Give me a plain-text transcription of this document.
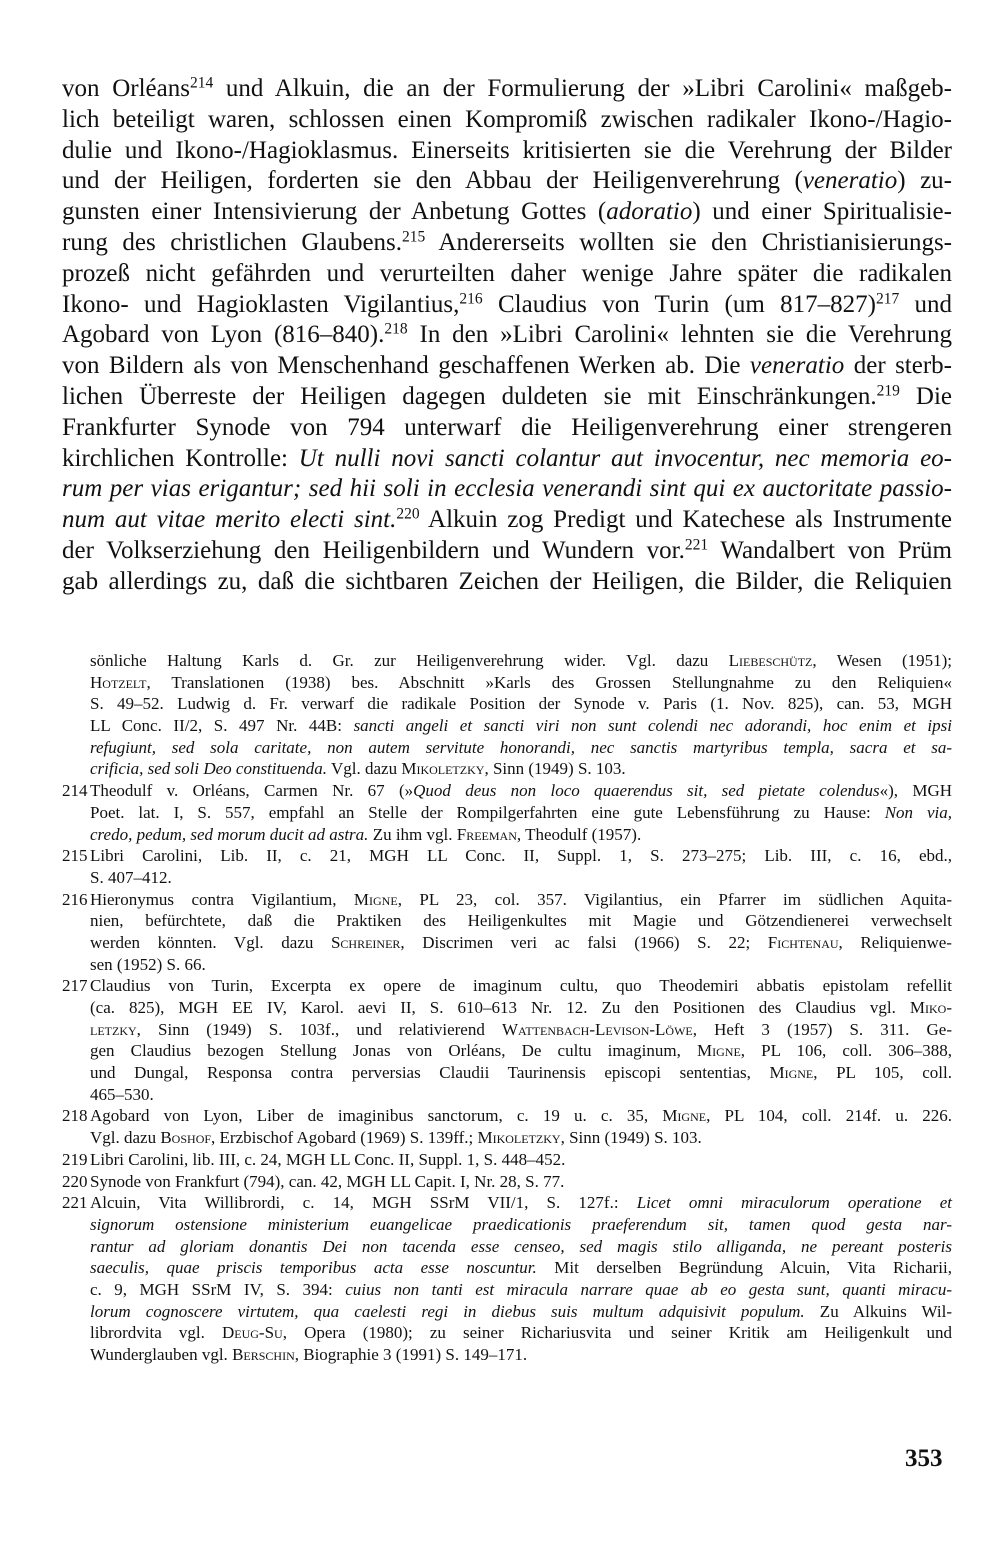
von Orléans$^{214}$ und Alkuin, die an der Formulierung der »Libri Carolini« maßgeb-
lich beteiligt waren, schlossen einen Kompromiß zwischen radikaler Ikono-/Hagio-
dulie und Ikono-/Hagioklasmus. Einerseits kritisierten sie die Verehrung der Bilder
und der Heiligen, forderten sie den Abbau der Heiligenverehrung (veneratio) zu-
gunsten einer Intensivierung der Anbetung Gottes (adoratio) und einer Spiritualisie-
rung des christlichen Glaubens.$^{215}$ Andererseits wollten sie den Christianisierungs-
prozeß nicht gefährden und verurteilten daher wenige Jahre später die radikalen
Ikono- und Hagioklasten Vigilantius,$^{216}$ Claudius von Turin (um 817–827)$^{217}$ und
Agobard von Lyon (816–840).$^{218}$ In den »Libri Carolini« lehnten sie die Verehrung
von Bildern als von Menschenhand geschaffenen Werken ab. Die veneratio der sterb-
lichen Überreste der Heiligen dagegen duldeten sie mit Einschränkungen.$^{219}$ Die
Frankfurter Synode von 794 unterwarf die Heiligenverehrung einer strengeren
kirchlichen Kontrolle: Ut nulli novi sancti colantur aut invocentur, nec memoria eo-
rum per vias erigantur; sed hii soli in ecclesia venerandi sint qui ex auctoritate passio-
num aut vitae merito electi sint.$^{220}$ Alkuin zog Predigt und Katechese als Instrumente
der Volkserziehung den Heiligenbildern und Wundern vor.$^{221}$ Wandalbert von Prüm
gab allerdings zu, daß die sichtbaren Zeichen der Heiligen, die Bilder, die Reliquien
sönliche Haltung Karls d. Gr. zur Heiligenverehrung wider. Vgl. dazu Liebeschütz, Wesen (1951);
Hotzelt, Translationen (1938) bes. Abschnitt »Karls des Grossen Stellungnahme zu den Reliquien«
S. 49–52. Ludwig d. Fr. verwarf die radikale Position der Synode v. Paris (1. Nov. 825), can. 53, MGH
LL Conc. II/2, S. 497 Nr. 44B: sancti angeli et sancti viri non sunt colendi nec adorandi, hoc enim et ipsi
refugiunt, sed sola caritate, non autem servitute honorandi, nec sanctis martyribus templa, sacra et sa-
crificia, sed soli Deo constituenda. Vgl. dazu Mikoletzky, Sinn (1949) S. 103.
214 Theodulf v. Orléans, Carmen Nr. 67 (»Quod deus non loco quaerendus sit, sed pietate colendus«), MGH
Poet. lat. I, S. 557, empfahl an Stelle der Rompilgerfahrten eine gute Lebensführung zu Hause: Non via,
credo, pedum, sed morum ducit ad astra. Zu ihm vgl. Freeman, Theodulf (1957).
215 Libri Carolini, Lib. II, c. 21, MGH LL Conc. II, Suppl. 1, S. 273–275; Lib. III, c. 16, ebd.,
S. 407–412.
216 Hieronymus contra Vigilantium, Migne, PL 23, col. 357. Vigilantius, ein Pfarrer im südlichen Aquita-
nien, befürchtete, daß die Praktiken des Heiligenkultes mit Magie und Götzendienerei verwechselt
werden könnten. Vgl. dazu Schreiner, Discrimen veri ac falsi (1966) S. 22; Fichtenau, Reliquienwe-
sen (1952) S. 66.
217 Claudius von Turin, Excerpta ex opere de imaginum cultu, quo Theodemiri abbatis epistolam refellit
(ca. 825), MGH EE IV, Karol. aevi II, S. 610–613 Nr. 12. Zu den Positionen des Claudius vgl. Miko-
letzky, Sinn (1949) S. 103f., und relativierend Wattenbach-Levison-Löwe, Heft 3 (1957) S. 311. Ge-
gen Claudius bezogen Stellung Jonas von Orléans, De cultu imaginum, Migne, PL 106, coll. 306–388,
und Dungal, Responsa contra perversias Claudii Taurinensis episcopi sententias, Migne, PL 105, coll.
465–530.
218 Agobard von Lyon, Liber de imaginibus sanctorum, c. 19 u. c. 35, Migne, PL 104, coll. 214f. u. 226.
Vgl. dazu Boshof, Erzbischof Agobard (1969) S. 139ff.; Mikoletzky, Sinn (1949) S. 103.
219 Libri Carolini, lib. III, c. 24, MGH LL Conc. II, Suppl. 1, S. 448–452.
220 Synode von Frankfurt (794), can. 42, MGH LL Capit. I, Nr. 28, S. 77.
221 Alcuin, Vita Willibrordi, c. 14, MGH SSrM VII/1, S. 127f.: Licet omni miraculorum operatione et
signorum ostensione ministerium euangelicae praedicationis praeferendum sit, tamen quod gesta nar-
rantur ad gloriam donantis Dei non tacenda esse censeo, sed magis stilo alliganda, ne pereant posteris
saeculis, quae priscis temporibus acta esse noscuntur. Mit derselben Begründung Alcuin, Vita Richarii,
c. 9, MGH SSrM IV, S. 394: cuius non tanti est miracula narrare quae ab eo gesta sunt, quanti miracu-
lorum cognoscere virtutem, qua caelesti regi in diebus suis multum adquisivit populum. Zu Alkuins Wil-
librordvita vgl. Deug-Su, Opera (1980); zu seiner Richariusvita und seiner Kritik am Heiligenkult und
Wunderglauben vgl. Berschin, Biographie 3 (1991) S. 149–171.
353
